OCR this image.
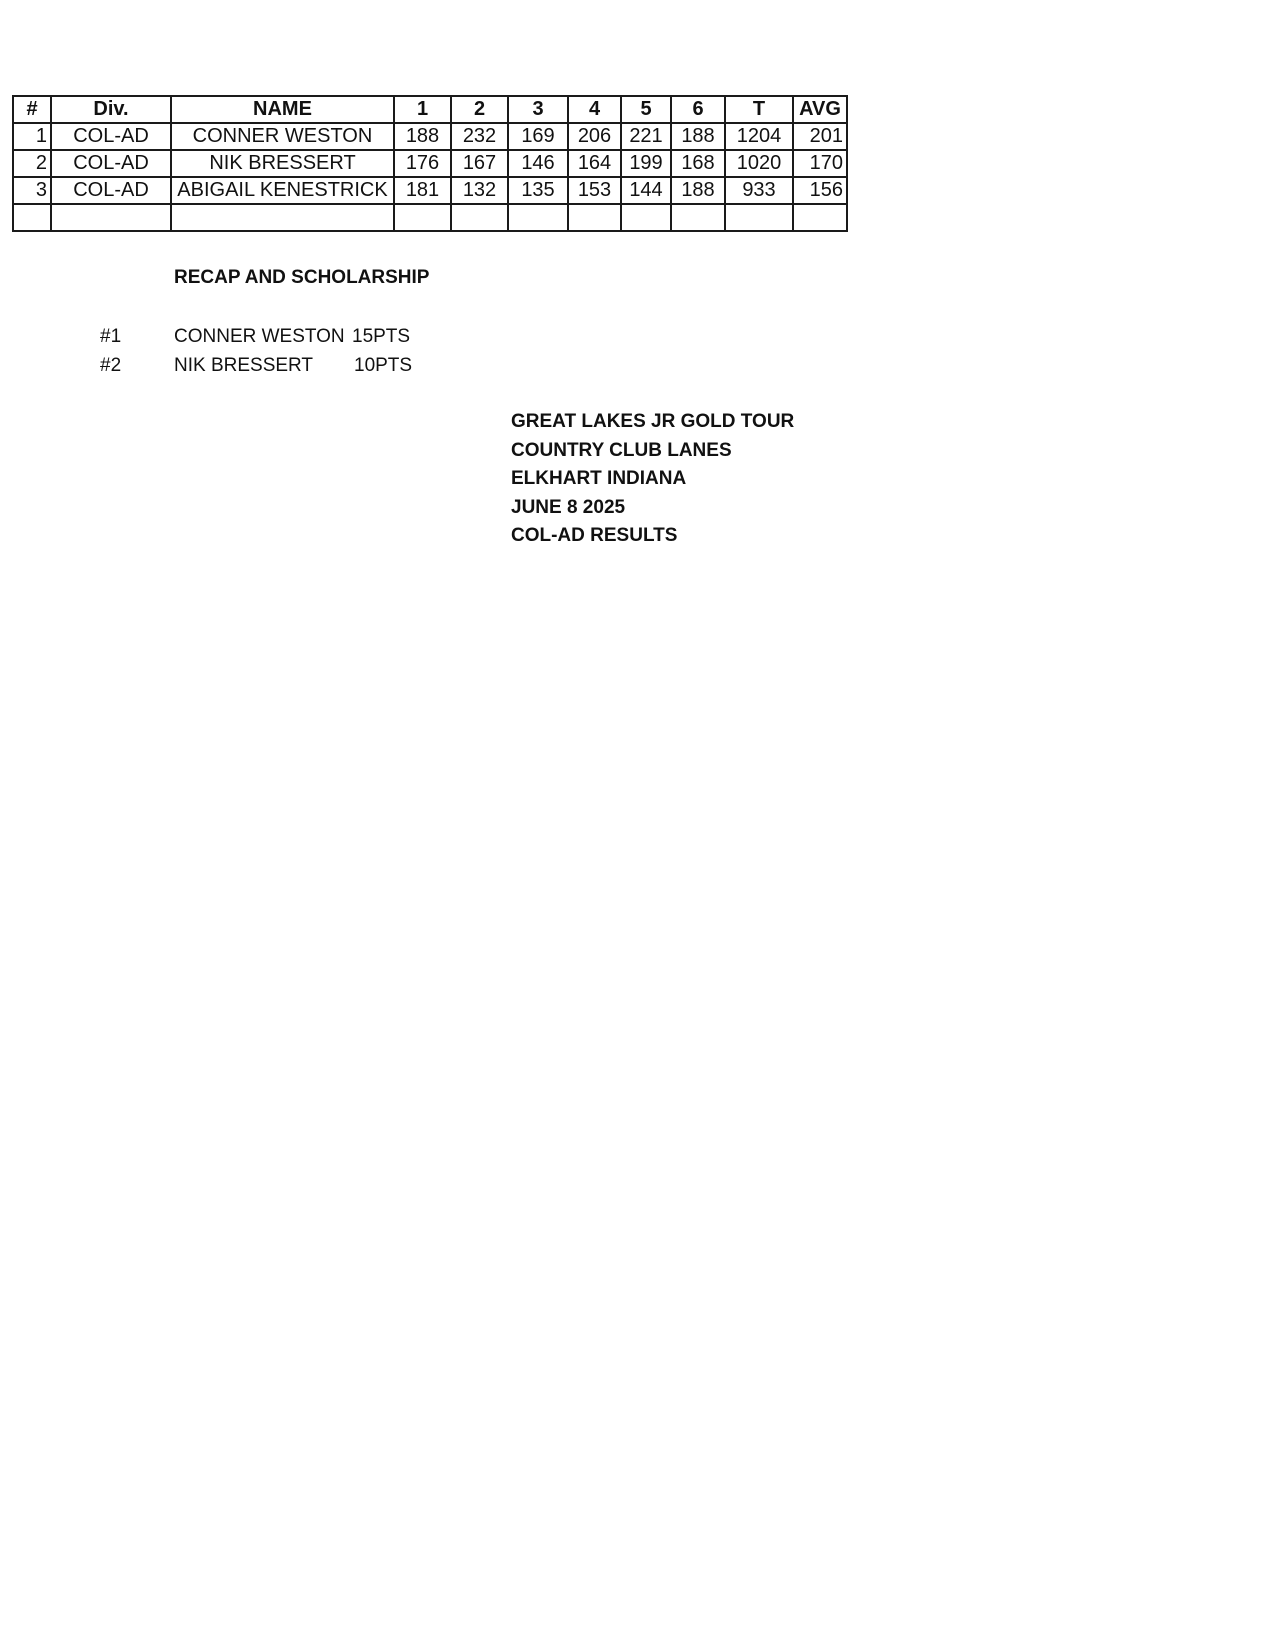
#	Div.	NAME	1	2	3	4	5	6	T	AVG
1	COL-AD	CONNER WESTON	188	232	169	206	221	188	1204	201
2	COL-AD	NIK BRESSERT	176	167	146	164	199	168	1020	170
3	COL-AD	ABIGAIL KENESTRICK	181	132	135	153	144	188	933	156

RECAP AND SCHOLARSHIP
#1	CONNER WESTON 15PTS
#2	NIK BRESSERT 10PTS
GREAT LAKES JR GOLD TOUR
COUNTRY CLUB LANES
ELKHART INDIANA
JUNE 8 2025
COL-AD RESULTS
